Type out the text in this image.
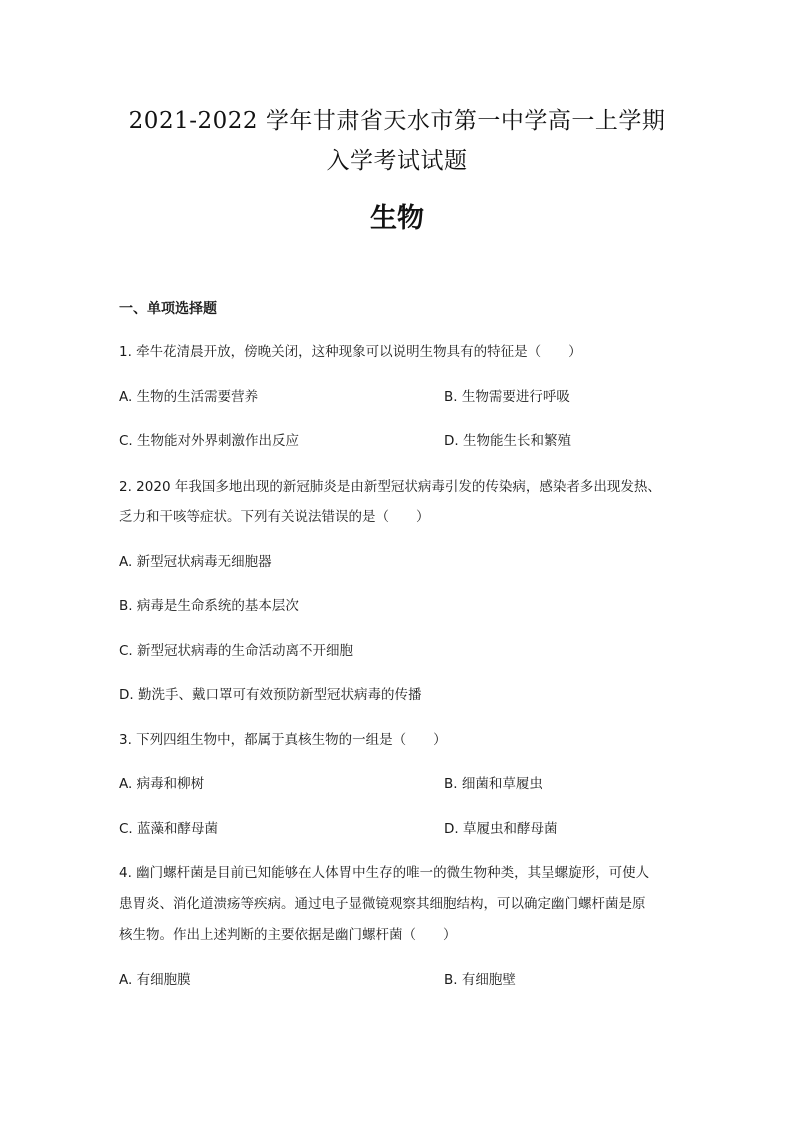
2021-2022 学年甘肃省天水市第一中学高一上学期
入学考试试题
生物
一、单项选择题
1. 牵牛花清晨开放，傍晚关闭，这种现象可以说明生物具有的特征是（　　）
A. 生物的生活需要营养	B. 生物需要进行呼吸
C. 生物能对外界刺激作出反应	D. 生物能生长和繁殖
2. 2020 年我国多地出现的新冠肺炎是由新型冠状病毒引发的传染病，感染者多出现发热、
乏力和干咳等症状。下列有关说法错误的是（　　）
A. 新型冠状病毒无细胞器
B. 病毒是生命系统的基本层次
C. 新型冠状病毒的生命活动离不开细胞
D. 勤洗手、戴口罩可有效预防新型冠状病毒的传播
3. 下列四组生物中，都属于真核生物的一组是（　　）
A. 病毒和柳树	B. 细菌和草履虫
C. 蓝藻和酵母菌	D. 草履虫和酵母菌
4. 幽门螺杆菌是目前已知能够在人体胃中生存的唯一的微生物种类，其呈螺旋形，可使人
患胃炎、消化道溃疡等疾病。通过电子显微镜观察其细胞结构，可以确定幽门螺杆菌是原
核生物。作出上述判断的主要依据是幽门螺杆菌（　　）
A. 有细胞膜	B. 有细胞壁
